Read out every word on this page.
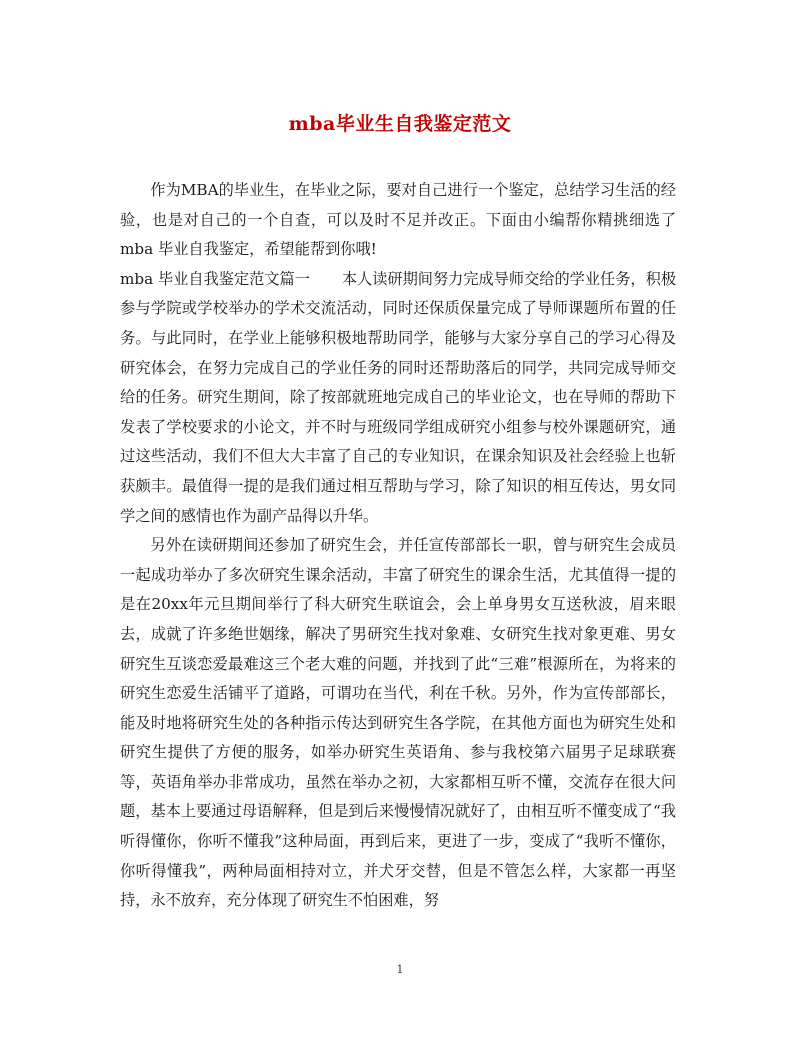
mba毕业生自我鉴定范文

作为MBA的毕业生，在毕业之际，要对自己进行一个鉴定，总结学习生活的经验，也是对自己的一个自查，可以及时不足并改正。下面由小编帮你精挑细选了 mba 毕业自我鉴定，希望能帮到你哦!

mba 毕业自我鉴定范文篇一 本人读研期间努力完成导师交给的学业任务，积极参与学院或学校举办的学术交流活动，同时还保质保量完成了导师课题所布置的任务。与此同时，在学业上能够积极地帮助同学，能够与大家分享自己的学习心得及研究体会，在努力完成自己的学业任务的同时还帮助落后的同学，共同完成导师交给的任务。研究生期间，除了按部就班地完成自己的毕业论文，也在导师的帮助下发表了学校要求的小论文，并不时与班级同学组成研究小组参与校外课题研究，通过这些活动，我们不但大大丰富了自己的专业知识，在课余知识及社会经验上也斩获颇丰。最值得一提的是我们通过相互帮助与学习，除了知识的相互传达，男女同学之间的感情也作为副产品得以升华。

另外在读研期间还参加了研究生会，并任宣传部部长一职，曾与研究生会成员一起成功举办了多次研究生课余活动，丰富了研究生的课余生活，尤其值得一提的是在20xx年元旦期间举行了科大研究生联谊会，会上单身男女互送秋波，眉来眼去，成就了许多绝世姻缘，解决了男研究生找对象难、女研究生找对象更难、男女研究生互谈恋爱最难这三个老大难的问题，并找到了此“三难”根源所在，为将来的研究生恋爱生活铺平了道路，可谓功在当代，利在千秋。另外，作为宣传部部长，能及时地将研究生处的各种指示传达到研究生各学院，在其他方面也为研究生处和研究生提供了方便的服务，如举办研究生英语角、参与我校第六届男子足球联赛等，英语角举办非常成功，虽然在举办之初，大家都相互听不懂，交流存在很大问题，基本上要通过母语解释，但是到后来慢慢情况就好了，由相互听不懂变成了“我听得懂你，你听不懂我”这种局面，再到后来，更进了一步，变成了“我听不懂你，你听得懂我”，两种局面相持对立，并犬牙交替，但是不管怎么样，大家都一再坚持，永不放弃，充分体现了研究生不怕困难，努

1
